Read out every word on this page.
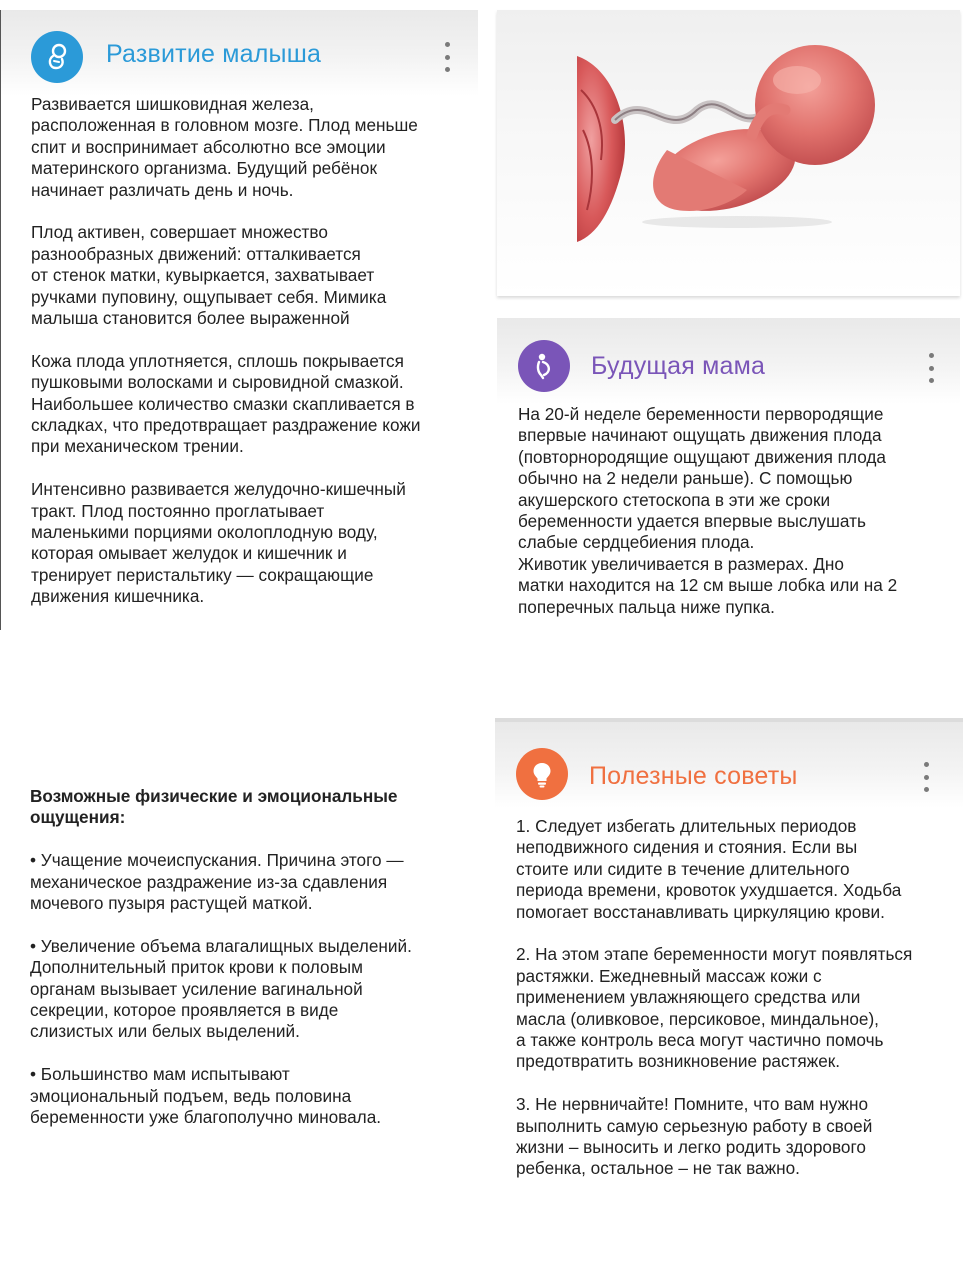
Развитие малыша

Развивается шишковидная железа,
расположенная в головном мозге. Плод меньше
спит и воспринимает абсолютно все эмоции
материнского организма. Будущий ребёнок
начинает различать день и ночь.

Плод активен, совершает множество
разнообразных движений: отталкивается
от стенок матки, кувыркается, захватывает
ручками пуповину, ощупывает себя. Мимика
малыша становится более выраженной

Кожа плода уплотняется, сплошь покрывается
пушковыми волосками и сыровидной смазкой.
Наибольшее количество смазки скапливается в
складках, что предотвращает раздражение кожи
при механическом трении.

Интенсивно развивается желудочно-кишечный
тракт. Плод постоянно проглатывает
маленькими порциями околоплодную воду,
которая омывает желудок и кишечник и
тренирует перистальтику — сокращающие
движения кишечника.

Будущая мама

На 20-й неделе беременности первородящие
впервые начинают ощущать движения плода
(повторнородящие ощущают движения плода
обычно на 2 недели раньше). С помощью
акушерского стетоскопа в эти же сроки
беременности удается впервые выслушать
слабые сердцебиения плода.
Животик увеличивается в размерах. Дно
матки находится на 12 см выше лобка или на 2
поперечных пальца ниже пупка.

Возможные физические и эмоциональные
ощущения:

• Учащение мочеиспускания. Причина этого —
механическое раздражение из-за сдавления
мочевого пузыря растущей маткой.

• Увеличение объема влагалищных выделений.
Дополнительный приток крови к половым
органам вызывает усиление вагинальной
секреции, которое проявляется в виде
слизистых или белых выделений.

• Большинство мам испытывают
эмоциональный подъем, ведь половина
беременности уже благополучно миновала.

Полезные советы

1. Следует избегать длительных периодов
неподвижного сидения и стояния. Если вы
стоите или сидите в течение длительного
периода времени, кровоток ухудшается. Ходьба
помогает восстанавливать циркуляцию крови.

2. На этом этапе беременности могут появляться
растяжки. Ежедневный массаж кожи с
применением увлажняющего средства или
масла (оливковое, персиковое, миндальное),
а также контроль веса могут частично помочь
предотвратить возникновение растяжек.

3. Не нервничайте! Помните, что вам нужно
выполнить самую серьезную работу в своей
жизни – выносить и легко родить здорового
ребенка, остальное – не так важно.
